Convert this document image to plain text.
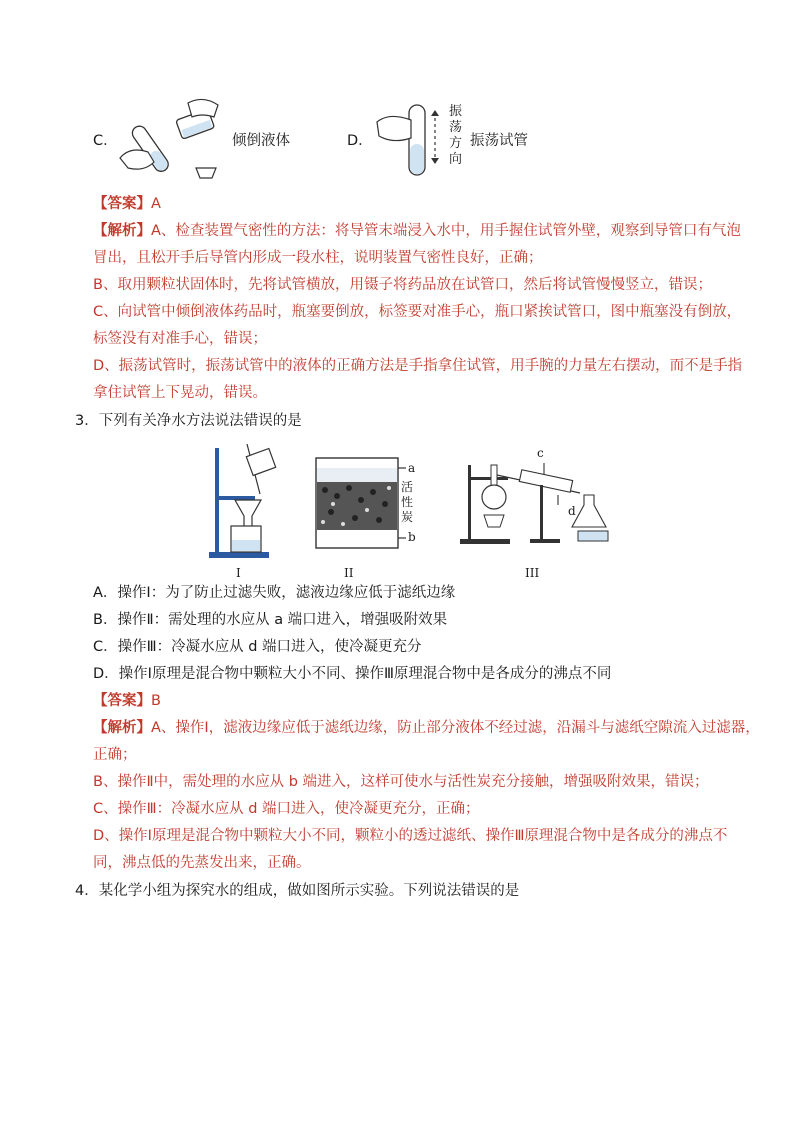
C．	倾倒液体	D．
振荡方向
振荡试管
【答案】A
【解析】A、检查装置气密性的方法：将导管末端浸入水中，用手握住试管外壁，观察到导管口有气泡
冒出，且松开手后导管内形成一段水柱，说明装置气密性良好，正确；
B、取用颗粒状固体时，先将试管横放，用镊子将药品放在试管口，然后将试管慢慢竖立，错误；
C、向试管中倾倒液体药品时，瓶塞要倒放，标签要对准手心，瓶口紧挨试管口，图中瓶塞没有倒放，
标签没有对准手心，错误；
D、振荡试管时，振荡试管中的液体的正确方法是手指拿住试管，用手腕的力量左右摆动，而不是手指
拿住试管上下晃动，错误。
3．下列有关净水方法说法错误的是
I
a
活性炭
b
II
c
d
III
A．操作Ⅰ：为了防止过滤失败，滤液边缘应低于滤纸边缘
B．操作Ⅱ：需处理的水应从 a 端口进入，增强吸附效果
C．操作Ⅲ：冷凝水应从 d 端口进入，使冷凝更充分
D．操作Ⅰ原理是混合物中颗粒大小不同、操作Ⅲ原理混合物中是各成分的沸点不同
【答案】B
【解析】A、操作Ⅰ，滤液边缘应低于滤纸边缘，防止部分液体不经过滤，沿漏斗与滤纸空隙流入过滤器，
正确；
B、操作Ⅱ中，需处理的水应从 b 端进入，这样可使水与活性炭充分接触，增强吸附效果，错误；
C、操作Ⅲ：冷凝水应从 d 端口进入，使冷凝更充分，正确；
D、操作Ⅰ原理是混合物中颗粒大小不同，颗粒小的透过滤纸、操作Ⅲ原理混合物中是各成分的沸点不
同，沸点低的先蒸发出来，正确。
4．某化学小组为探究水的组成，做如图所示实验。下列说法错误的是
